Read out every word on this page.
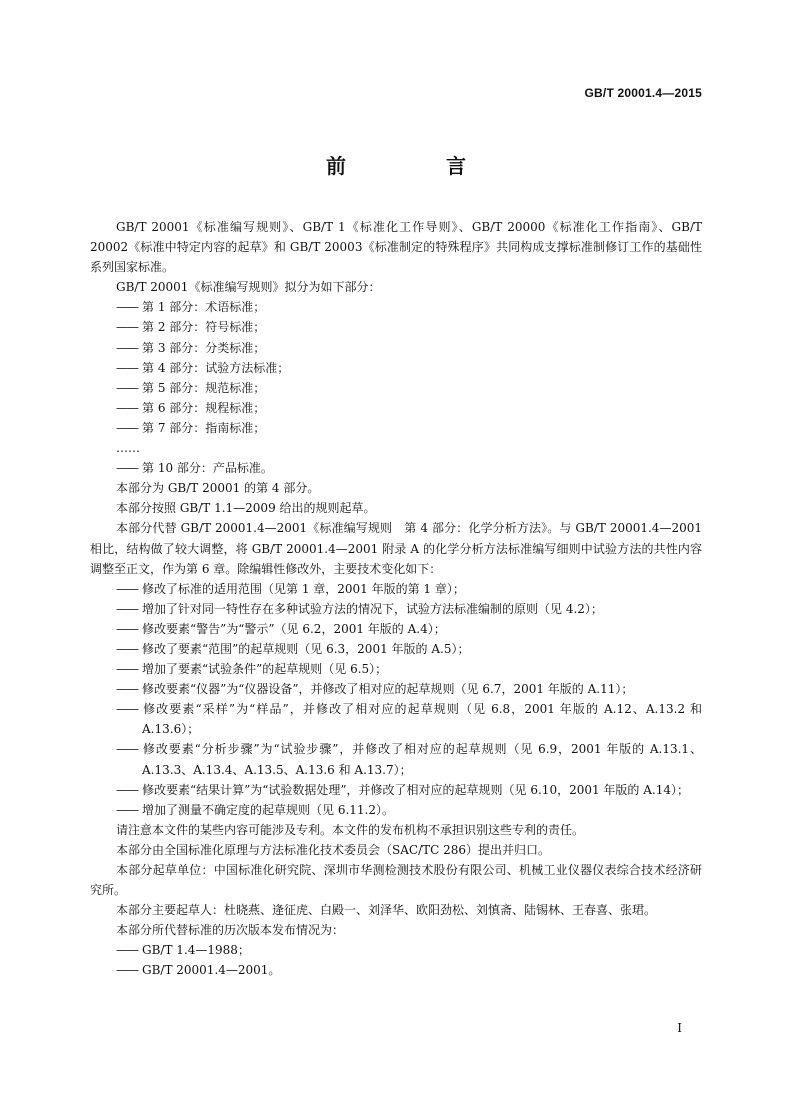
GB/T 20001.4—2015
前　言
GB/T 20001《标准编写规则》、GB/T 1《标准化工作导则》、GB/T 20000《标准化工作指南》、GB/T 20002《标准中特定内容的起草》和 GB/T 20003《标准制定的特殊程序》共同构成支撑标准制修订工作的基础性系列国家标准。
GB/T 20001《标准编写规则》拟分为如下部分：
—— 第 1 部分：术语标准；
—— 第 2 部分：符号标准；
—— 第 3 部分：分类标准；
—— 第 4 部分：试验方法标准；
—— 第 5 部分：规范标准；
—— 第 6 部分：规程标准；
—— 第 7 部分：指南标准；
……
—— 第 10 部分：产品标准。
本部分为 GB/T 20001 的第 4 部分。
本部分按照 GB/T 1.1—2009 给出的规则起草。
本部分代替 GB/T 20001.4—2001《标准编写规则　第 4 部分：化学分析方法》。与 GB/T 20001.4—2001 相比，结构做了较大调整，将 GB/T 20001.4—2001 附录 A 的化学分析方法标准编写细则中试验方法的共性内容调整至正文，作为第 6 章。除编辑性修改外，主要技术变化如下：
—— 修改了标准的适用范围（见第 1 章，2001 年版的第 1 章）；
—— 增加了针对同一特性存在多种试验方法的情况下，试验方法标准编制的原则（见 4.2）；
—— 修改要素“警告”为“警示”（见 6.2，2001 年版的 A.4）；
—— 修改了要素“范围”的起草规则（见 6.3，2001 年版的 A.5）；
—— 增加了要素“试验条件”的起草规则（见 6.5）；
—— 修改要素“仪器”为“仪器设备”，并修改了相对应的起草规则（见 6.7，2001 年版的 A.11）；
—— 修改要素“采样”为“样品”，并修改了相对应的起草规则（见 6.8，2001 年版的 A.12、A.13.2 和 A.13.6）；
—— 修改要素“分析步骤”为“试验步骤”，并修改了相对应的起草规则（见 6.9，2001 年版的 A.13.1、A.13.3、A.13.4、A.13.5、A.13.6 和 A.13.7）；
—— 修改要素“结果计算”为“试验数据处理”，并修改了相对应的起草规则（见 6.10，2001 年版的 A.14）；
—— 增加了测量不确定度的起草规则（见 6.11.2）。
请注意本文件的某些内容可能涉及专利。本文件的发布机构不承担识别这些专利的责任。
本部分由全国标准化原理与方法标准化技术委员会（SAC/TC 286）提出并归口。
本部分起草单位：中国标准化研究院、深圳市华测检测技术股份有限公司、机械工业仪器仪表综合技术经济研究所。
本部分主要起草人：杜晓燕、逄征虎、白殿一、刘泽华、欧阳劲松、刘慎斋、陆锡林、王春喜、张珺。
本部分所代替标准的历次版本发布情况为：
—— GB/T 1.4—1988；
—— GB/T 20001.4—2001。
I
